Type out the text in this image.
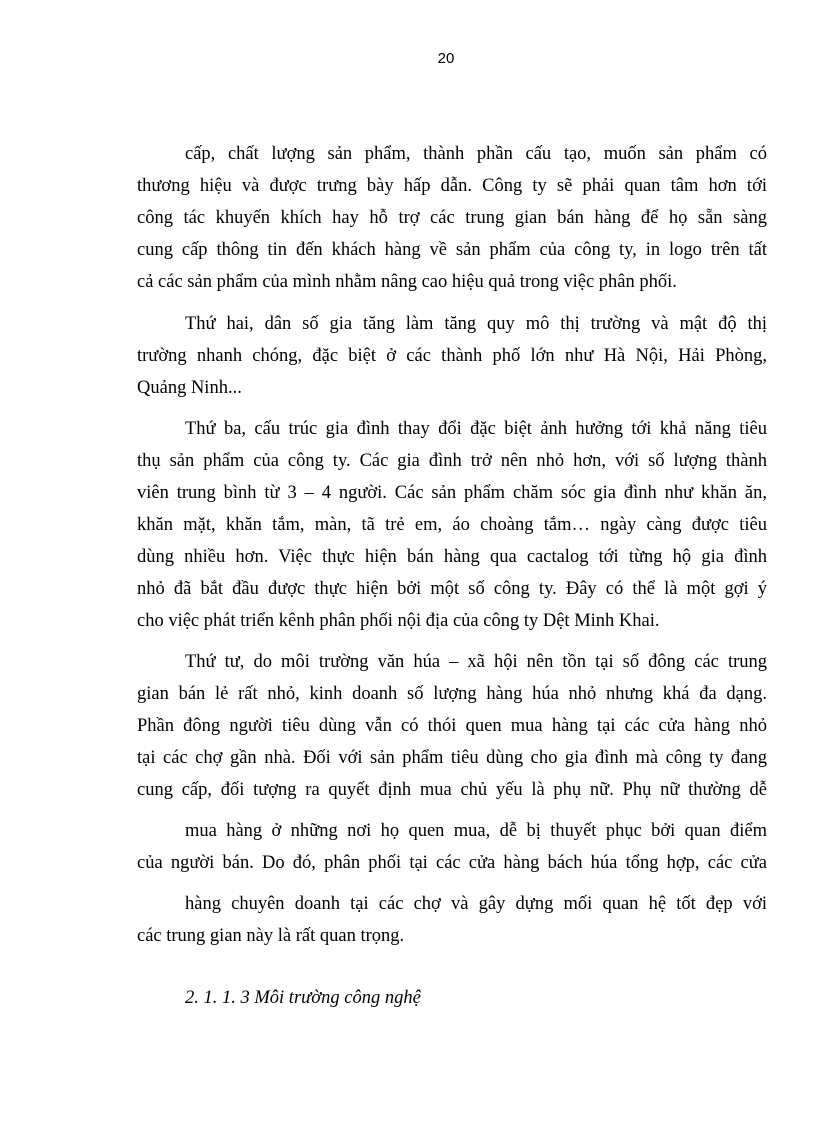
20
cấp, chất lượng sản phẩm, thành phần cấu tạo, muốn sản phẩm có
thương hiệu và được trưng bày hấp dẫn. Công ty sẽ phải quan tâm hơn tới
công tác khuyến khích hay hỗ trợ các trung gian bán hàng để họ sẵn sàng
cung cấp thông tin đến khách hàng về sản phẩm của công ty, in logo trên tất
cả các sản phẩm của mình nhằm nâng cao hiệu quả trong việc phân phối.
Thứ hai, dân số gia tăng làm tăng quy mô thị trường và mật độ thị
trường nhanh chóng, đặc biệt ở các thành phố lớn như Hà Nội, Hải Phòng,
Quảng Ninh...
Thứ ba, cấu trúc gia đình thay đổi đặc biệt ảnh hưởng tới khả năng tiêu
thụ sản phẩm của công ty. Các gia đình trở nên nhỏ hơn, với số lượng thành
viên trung bình từ 3 – 4 người. Các sản phẩm chăm sóc gia đình như khăn ăn,
khăn mặt, khăn tắm, màn, tã trẻ em, áo choàng tắm… ngày càng được tiêu
dùng nhiều hơn. Việc thực hiện bán hàng qua cactalog tới từng hộ gia đình
nhỏ đã bắt đầu được thực hiện bởi một số công ty. Đây có thể là một gợi ý
cho việc phát triển kênh phân phối nội địa của công ty Dệt Minh Khai.
Thứ tư, do môi trường văn húa – xã hội nên tồn tại số đông các trung
gian bán lẻ rất nhỏ, kinh doanh số lượng hàng húa nhỏ nhưng khá đa dạng.
Phần đông người tiêu dùng vẫn có thói quen mua hàng tại các cửa hàng nhỏ
tại các chợ gần nhà. Đối với sản phẩm tiêu dùng cho gia đình mà công ty đang
cung cấp, đối tượng ra quyết định mua chủ yếu là phụ nữ. Phụ nữ thường dễ
mua hàng ở những nơi họ quen mua, dễ bị thuyết phục bởi quan điểm
của người bán. Do đó, phân phối tại các cửa hàng bách húa tổng hợp, các cửa
hàng chuyên doanh tại các chợ và gây dựng mối quan hệ tốt đẹp với
các trung gian này là rất quan trọng.
2. 1. 1. 3 Môi trường công nghệ
